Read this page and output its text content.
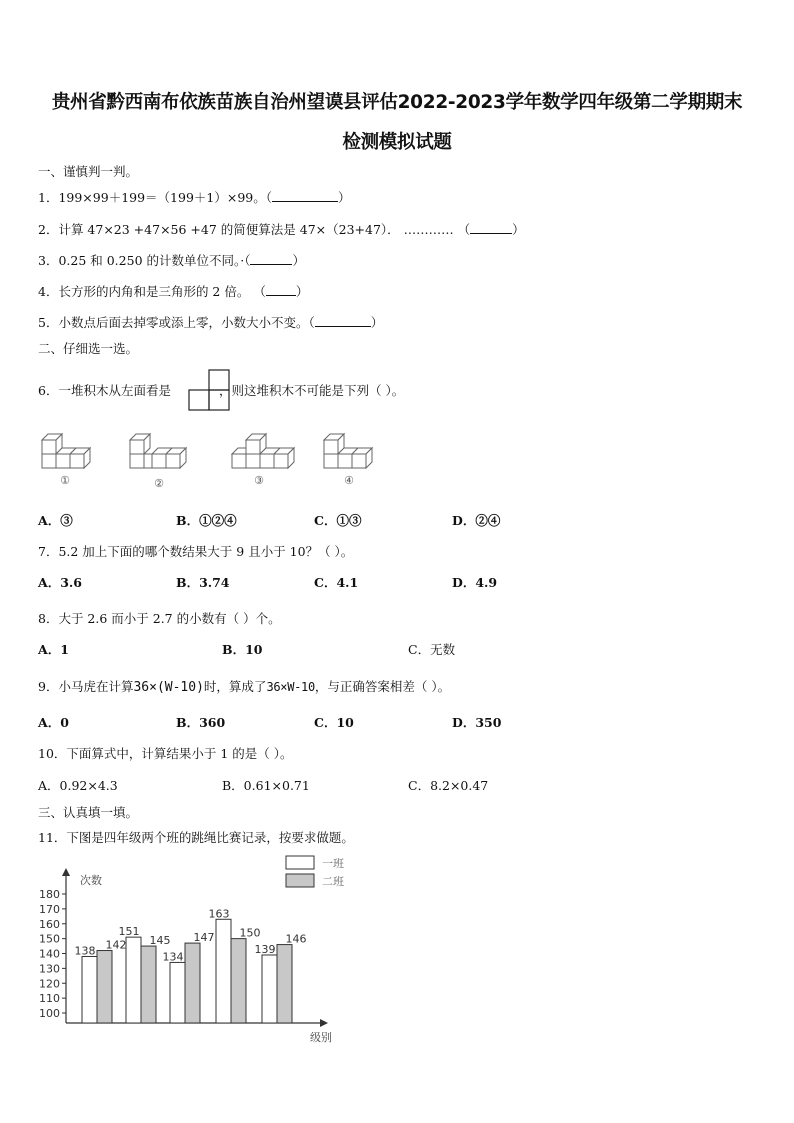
贵州省黔西南布依族苗族自治州望谟县评估2022-2023学年数学四年级第二学期期末
检测模拟试题
一、谨慎判一判。
1．199×99＋199＝（199＋1）×99。（	）
2．计算 47×23 +47×56 +47 的简便算法是 47×（23+47）． ………… （	）
3．0.25 和 0.250 的计数单位不同。·（	）
4．长方形的内角和是三角形的 2 倍。 （ ）
5．小数点后面去掉零或添上零，小数大小不变。（	）
二、仔细选一选。
6．一堆积木从左面看是	，则这堆积木不可能是下列（ ）。
①	②	③	④
A．③	B．①②④	C．①③	D．②④
7．5.2 加上下面的哪个数结果大于 9 且小于 10？（ ）。
A．3.6	B．3.74	C．4.1	D．4.9
8．大于 2.6 而小于 2.7 的小数有（ ）个。
A．1	B．10	C．无数
9．小马虎在计算36×(W-10)时，算成了36×W-10，与正确答案相差（ ）。
A．0	B．360	C．10	D．350
10．下面算式中，计算结果小于 1 的是（ ）。
A．0.92×4.3	B．0.61×0.71	C．8.2×0.47
三、认真填一填。
11．下图是四年级两个班的跳绳比赛记录，按要求做题。
次数
级别
100
110
120
130
140
150
160
170
180
138
151
134
163
139
142 145 147 150 146
一班
二班
